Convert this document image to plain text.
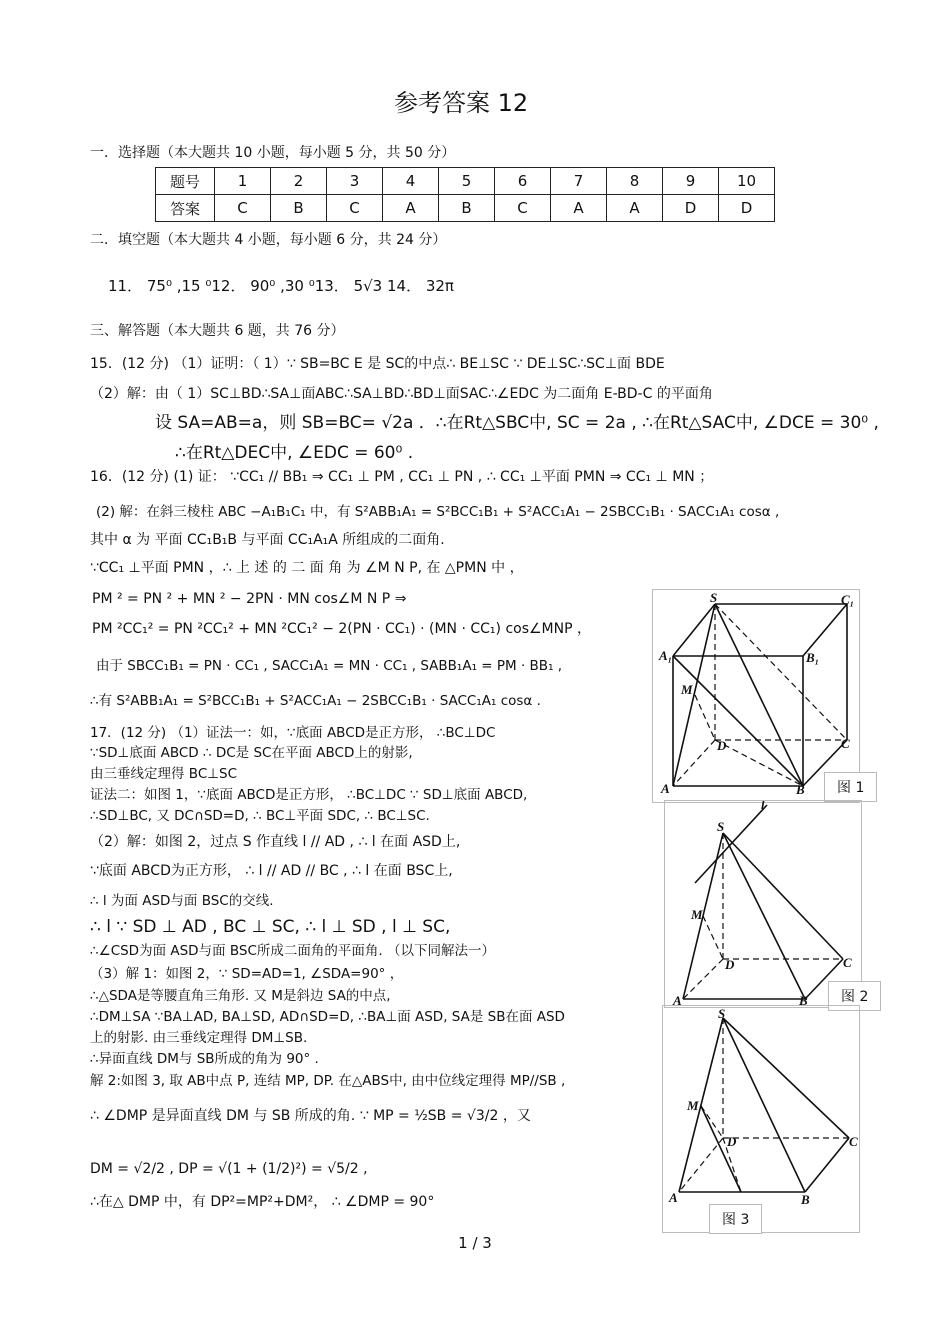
参考答案 12
一．选择题（本大题共 10 小题，每小题 5 分，共 50 分）
题号	1	2	3	4	5	6	7	8	9	10
答案	C	B	C	A	B	C	A	A	D	D
二．填空题（本大题共 4 小题，每小题 6 分，共 24 分）
11． 75⁰ ,15 ⁰12． 90⁰ ,30 ⁰13． 5√3 14． 32π
三、解答题（本大题共 6 题，共 76 分）
15．(12 分) （1）证明：（ 1）∵ SB=BC E 是 SC的中点∴ BE⊥SC ∵ DE⊥SC∴SC⊥面 BDE
（2）解：由（ 1）SC⊥BD∴SA⊥面ABC∴SA⊥BD∴BD⊥面SAC∴∠EDC 为二面角 E-BD-C 的平面角
设 SA=AB=a，则 SB=BC= √2a ．∴在Rt△SBC中, SC = 2a , ∴在Rt△SAC中, ∠DCE = 30⁰ ,
∴在Rt△DEC中, ∠EDC = 60⁰ .
16．(12 分) (1) 证： ∵CC₁ // BB₁ ⇒ CC₁ ⊥ PM , CC₁ ⊥ PN , ∴ CC₁ ⊥平面 PMN ⇒ CC₁ ⊥ MN ；
(2) 解：在斜三棱柱 ABC −A₁B₁C₁ 中，有 S²ABB₁A₁ = S²BCC₁B₁ + S²ACC₁A₁ − 2SBCC₁B₁ · SACC₁A₁ cosα ,
其中 α 为 平面 CC₁B₁B 与平面 CC₁A₁A 所组成的二面角.
∵CC₁ ⊥平面 PMN ，∴ 上 述 的 二 面 角 为 ∠M N P, 在 △PMN 中 ，
PM ² = PN ² + MN ² − 2PN · MN cos∠M N P ⇒
PM ²CC₁² = PN ²CC₁² + MN ²CC₁² − 2(PN · CC₁) · (MN · CC₁) cos∠MNP ，
由于 SBCC₁B₁ = PN · CC₁ , SACC₁A₁ = MN · CC₁ , SABB₁A₁ = PM · BB₁ ,
∴有 S²ABB₁A₁ = S²BCC₁B₁ + S²ACC₁A₁ − 2SBCC₁B₁ · SACC₁A₁ cosα .
17．(12 分) （1）证法一：如，∵底面 ABCD是正方形， ∴BC⊥DC
∵SD⊥底面 ABCD ∴ DC是 SC在平面 ABCD上的射影,
由三垂线定理得 BC⊥SC
证法二：如图 1，∵底面 ABCD是正方形， ∴BC⊥DC ∵ SD⊥底面 ABCD,
∴SD⊥BC, 又 DC∩SD=D, ∴ BC⊥平面 SDC, ∴ BC⊥SC.
（2）解：如图 2，过点 S 作直线 l // AD , ∴ l 在面 ASD上,
∵底面 ABCD为正方形， ∴ l // AD // BC , ∴ l 在面 BSC上,
∴ l 为面 ASD与面 BSC的交线.
∴ l ∵ SD ⊥ AD , BC ⊥ SC, ∴ l ⊥ SD , l ⊥ SC,
∴∠CSD为面 ASD与面 BSC所成二面角的平面角. （以下同解法一）
（3）解 1：如图 2，∵ SD=AD=1, ∠SDA=90° ，
∴△SDA是等腰直角三角形. 又 M是斜边 SA的中点,
∴DM⊥SA ∵BA⊥AD, BA⊥SD, AD∩SD=D, ∴BA⊥面 ASD, SA是 SB在面 ASD
上的射影. 由三垂线定理得 DM⊥SB.
∴异面直线 DM与 SB所成的角为 90° .
解 2:如图 3, 取 AB中点 P, 连结 MP, DP. 在△ABS中, 由中位线定理得 MP//SB ,
∴ ∠DMP 是异面直线 DM 与 SB 所成的角. ∵ MP = ½SB = √3/2 ，又
DM = √2/2 , DP = √(1 + (1/2)²) = √5/2 ,
∴在△ DMP 中，有 DP²=MP²+DM²， ∴ ∠DMP = 90°
S	C₁
A₁	B₁
M
D	C
A	B	图 1
l
S
M
D	C
A	B	图 2
S
M
D	C
A	B
图 3
1 / 3
